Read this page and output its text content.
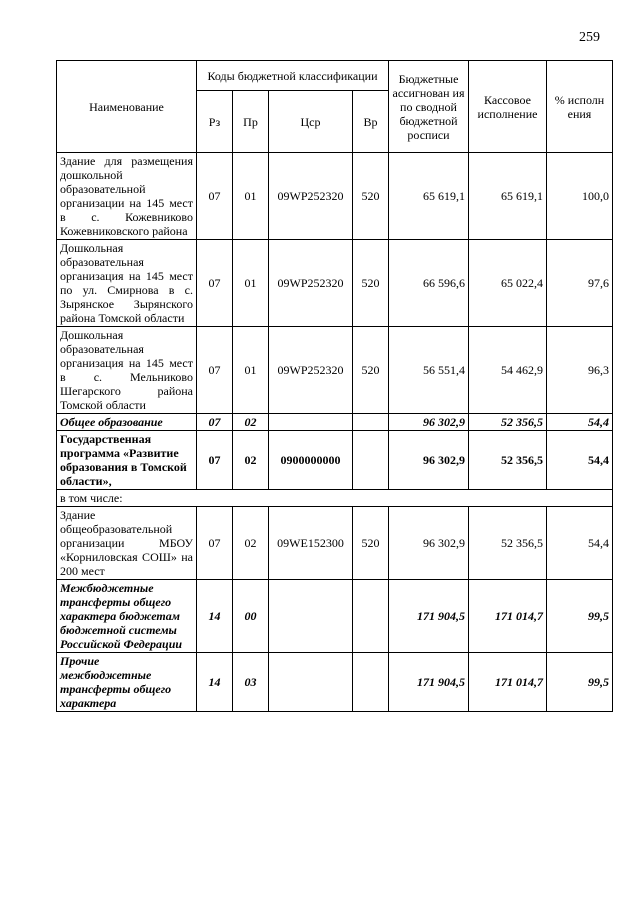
259
Наименование	Коды бюджетной классификации				Бюджетные ассигнован ия по сводной бюджетной росписи	Кассовое исполнение	% исполн ения
	Рз	Пр	Цср	Вр			
Здание для размещения дошкольной образовательной организации на 145 мест в с. Кожевниково Кожевниковского района	07	01	09WP252320	520	65 619,1	65 619,1	100,0
Дошкольная образовательная организация на 145 мест по ул. Смирнова в с. Зырянское Зырянского района Томской области	07	01	09WP252320	520	66 596,6	65 022,4	97,6
Дошкольная образовательная организация на 145 мест в с. Мельниково Шегарского района Томской области	07	01	09WP252320	520	56 551,4	54 462,9	96,3
Общее образование	07	02			96 302,9	52 356,5	54,4
Государственная программа «Развитие образования в Томской области»,	07	02	0900000000		96 302,9	52 356,5	54,4
в том числе:							
Здание общеобразовательной организации МБОУ «Корниловская СОШ» на 200 мест	07	02	09WE152300	520	96 302,9	52 356,5	54,4
Межбюджетные трансферты общего характера бюджетам бюджетной системы Российской Федерации	14	00			171 904,5	171 014,7	99,5
Прочие межбюджетные трансферты общего характера	14	03			171 904,5	171 014,7	99,5
